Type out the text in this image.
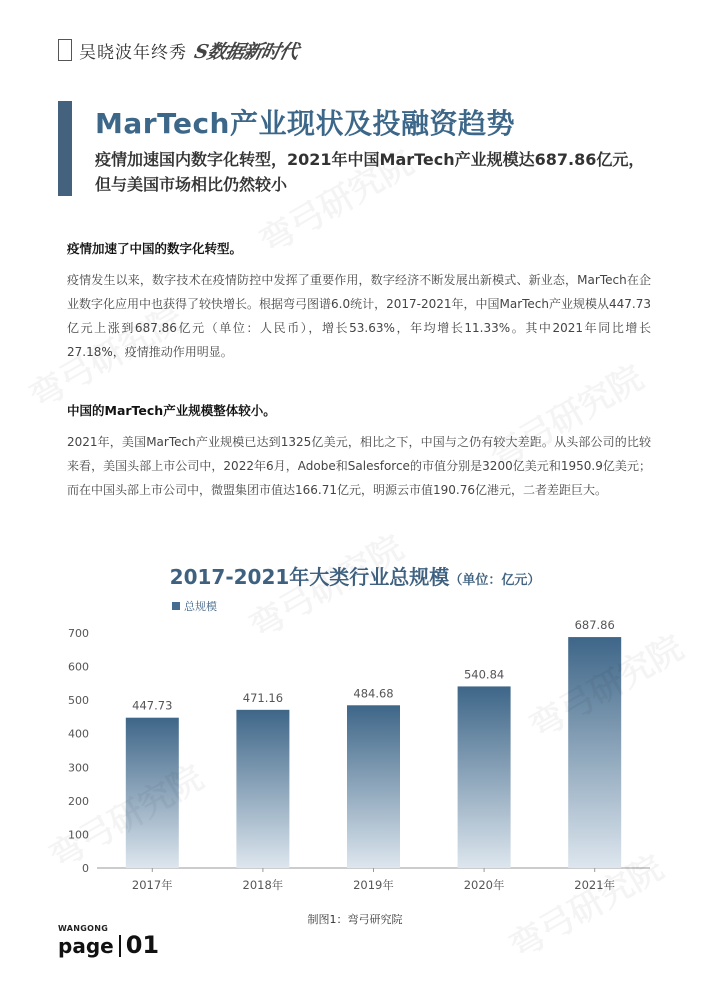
吴晓波年终秀 S数据新时代
MarTech产业现状及投融资趋势

疫情加速国内数字化转型，2021年中国MarTech产业规模达687.86亿元，但与美国市场相比仍然较小

疫情加速了中国的数字化转型。

疫情发生以来，数字技术在疫情防控中发挥了重要作用，数字经济不断发展出新模式、新业态，MarTech在企业数字化应用中也获得了较快增长。根据弯弓图谱6.0统计，2017-2021年，中国MarTech产业规模从447.73亿元上涨到687.86亿元（单位：人民币），增长53.63%，年均增长11.33%。其中2021年同比增长27.18%，疫情推动作用明显。

中国的MarTech产业规模整体较小。

2021年，美国MarTech产业规模已达到1325亿美元，相比之下，中国与之仍有较大差距。从头部公司的比较来看，美国头部上市公司中，2022年6月，Adobe和Salesforce的市值分别是3200亿美元和1950.9亿美元；而在中国头部上市公司中，微盟集团市值达166.71亿元，明源云市值190.76亿港元，二者差距巨大。

2017-2021年大类行业总规模（单位：亿元）
总规模
0
100
200
300
400
500
600
700
447.73
2017年
471.16
2018年
484.68
2019年
540.84
2020年
687.86
2021年
制图1：弯弓研究院
WANGONG
page 01
